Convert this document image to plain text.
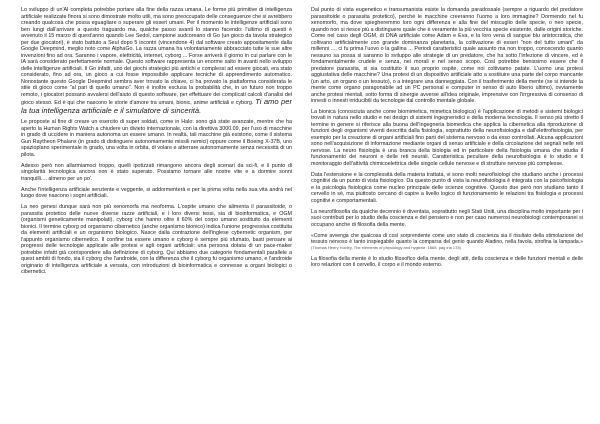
Lo sviluppo di un'AI completa potrebbe portare alla fine della razza umana. Le forme più primitive di intelligenza artificiale realizzate finora si sono dimostrate molto utili, ma sono preoccupato delle conseguenze che si avrebbero creando qualcosa che possa eguagliare o superare gli esseri umani. Per il momento le intelligenze artificiali sono ben lungi dall'arrivare a questo traguardo ma, qualche passo avanti lo stanno facendo: l'ultimo di questi è avvenuto il 15 marzo di quest'anno quando Lee Sedol, campione sudcoreano di Go (un gioco da tavola strategico per due giocatori), è stato battuto a Seul dopo 5 incontri (vincendone 4) dal software creato appositamente dalla Google Deepmind, meglio noto come AlphaGo. La razza umana ha volontariamente abbracciato tutte le sue altre invenzioni fino ad ora. Saranno i vapore, elettricità, internet, cyborg ... Forse arriverà il giorno in cui parlare con le IA sarà considerato perfettamente normale. Questo software rappresenta un enorme salto in avanti nello sviluppo delle intelligenze artificiali. Il Go infatti, uno dei giochi strategici più antichi e complessi ad essere giocati, era stato considerato, fino ad ora, un gioco a cui fosse impossibile applicare tecniche di apprendimento automatico. Nonostante questo Google Deepmind sembra aver trovato la chiave, ci ha provato la piattaforma considerata le stile di gioco come "al pari di quello umano". Non è inoltre esclusa la probabilità che, in un futuro non troppo remoto, i giocatori possano avvalersi dell'aiuto di questo software, per effettuare dei complicati calcoli d'analisi del gioco stesso. Ed è qui che nascono le storie d'amore tra umani, bionic, anime artificiali e cyborg. Ti amo per la tua intelligenza artificiale e il simulatore di sincerità.

Le proposte al fine di creare un esercito di super soldati, come in Halo: sono già state avanzate, mentre che ha aperto la Human Rights Watch a chiudere un divieto internazionale, con la direttiva 3000.09, per l'uso di macchine in grado di uccidere in maniera autonoma un essere umano. In realtà, tali macchine già esistono, come il sistema Gun Raytheon Phalanx (in grado di distinguere autonomamente missili nemici) oppure come il Boeing X-37B, uno spazioplano sperimentale in grado, una volta in orbita, di volare e atterrare autonomamente senza necessità di un pilota.

Adesso però non allarmiamoci troppo, quelli ipotizzati rimangono ancora degli scenari da sci-fi, e il punto di singolarità tecnologica ancora non è stato superato. Possiamo tornare alle nostre vite e a dormire sonni tranquilli.... almeno per un po'.

Anche l'intelligenza artificiale senziente e veggente, si addormenterà e per la prima volta nella sua vita andrà nel luogo dove nascono i sogni artificiali.

La neo genesi dunque sarà non più xenomorfa ma neoforma. L'ospite umano che alimenta il parassitoide, o parassita protetico delle nuove diverse razze artificiali, e i loro diversi tessi, sia di bioinformatica, e OGM (organismi geneticamente manipolati), cyborg che hanno oltre il 60% del corpo umano sostituito da elementi bionici. Il termine cyborg od organismo cibernetico (anche organismo bionico) indica l'unione progressiva costituita da elementi artificiali e un organismo biologico. Nasce dalla contrazione dell'inglese cybernetic organism, per l'appunto organismo cibernetico. Il confine tra essere umano e cyborg è sempre più sfumato, basti pensare ai progressi delle tecnologie applicate alle protesi e agli organi artificiali: una persona dotata di un pace-maker potrebbe infatti già corrispondere alla definizione di cyborg. Qui abbiamo due categorie fondamentali parallele a quest ambiti di fondo, sia il cyborg che l'androide, con la differenza che il cyborg fu organismo umano, e l'androide originario di intelligenza artificiale a versata, con introduzioni di bioinformatica e connesse a organi biologici o cibernetici.

Dal punto di vista eugenetico e transumanista esiste la domanda paradossale (sempre a riguardo del predatore parassitoide o parassita protetico), perché le macchine creeranno l'uomo a loro immagine? Dormendo nel fu xenomorfo, ma dove spiegheremmo loro ogni differenza e alla fine del miscuglio delle specie, o neo specie, quando non si riesce più a distinguere quale che è veramente la più vecchia specie esistente, dalle origini storiche. Come nel caso degli OGM, di DNA artificiale come Adam e Eva, e la loro vena di sangue blu aristocratica, che coltivano artificialmente con grande dominanza planetaria, la coltivazione di esseri "non del tutto umani" da millenni ..., ci fu prima l'uovo o la gallina ... Periodi caratteristici quale assunto ma non troppo, conoscendo quanto nessuno sa possa si saranno lo sviluppo alle strategie di un predatore, che ha sotto l'infezione di vincere, ed è fondamentalmente crudele e senza, nei morali e nel senso scopo. Così potrebbe benissimo essere che il predatore parassita, si sia costituito il suo proprio ospite, come noi coltiviamo patate. L'uomo una protesi aggiustativa delle macchine? Una protesi di un dispositivo artificiale atto a sostituire una parte del corpo mancante (un arto, un organo o un tessuto), o a integrare una danneggiata. Con il trasferimento della mente (se si intende la mente come organo paragonabile ad un PC personal e computer in senso di auto liberio ultimo), ovviamente anche protesi mentali, sotto forma di sinergie avverse all'idea originale, imprensive con l'irrgressiva di consenso di innesti o innesti irriducibili da tecnologie dal controllo mentale globale.

La bionica (conosciuta anche come biomimetica, mimetica biologica) è l'applicazione di metodi e sistemi biologici trovati in natura nello studio e nei design di sistemi ingegneristici e della moderna tecnologia. Il senso più stretto il termine in genere si riferisce alla buona dell'ingegneria biomedica che applica la cibernetica alla riproduzione di funzioni degli organismi viventi descritta dalla fisiologia, soprattutto della neurofisiologia e dall'elettrofisiologia, per esempio per la creazione di organi artificiali fino parti del sistema nervoso o da esso controllati. Alcuna applicazioni sono nell'acquisizione di informazione mediante organi di senso artificiale e della circolazione dei segnali nelle reti nervose. La neuro fisiologia è una branca della biologia ed in particolare della fisiologia umana che studia il funzionamento dei neuroni e delle reti neurali. Caratteristica peculiare della neurofisiologia è lo studio e il monitoraggio dell'attività chimicoelettrica delle singole cellule nervose e di strutture nervose più complesse.

Data l'estensione e la complessità della materia trattata, vi sono molti neurofisiologi che studiano anche i processi cognitivi da un punto di vista fisiologico. Da questo punto di vista la neurofisiologia è integrata con la psicofisiologia e la psicologia fisiologica come nucleo principale delle scienze cognitive. Questo due però non studiano tanto il cervello in sé, ma piuttosto cercano di capire a livello logico di funzionamento le relazioni tra fisiologia e processi cognitivi e comportamentali.

La neurofilosofia da qualche decennio è diventata, soprattutto negli Stati Uniti, una disciplina molto importante per i suoi contributi per lo studio della coscienza e del pensiero e non per caso numerosi neurobiologi contemporanei si occupano anche di filosofia della mente.

«Come avvenga che qualcosa di così sorprendente come uno stato di coscienza sia il risultato della stimolazione del tessuto nervoso è tanto inspiegabile quanto la comparsa del genio quando Aladino, nella favola, strofina la lampada.» (Thomas Henry Huxley, The elements of physiology and hygiene, 1868, pag ina 178)

La filosofia della mente è lo studio filosofico della mente, degli atti, della coscienza e delle funzioni mentali e delle loro relazioni con il cervello, il corpo e il mondo esterno.
